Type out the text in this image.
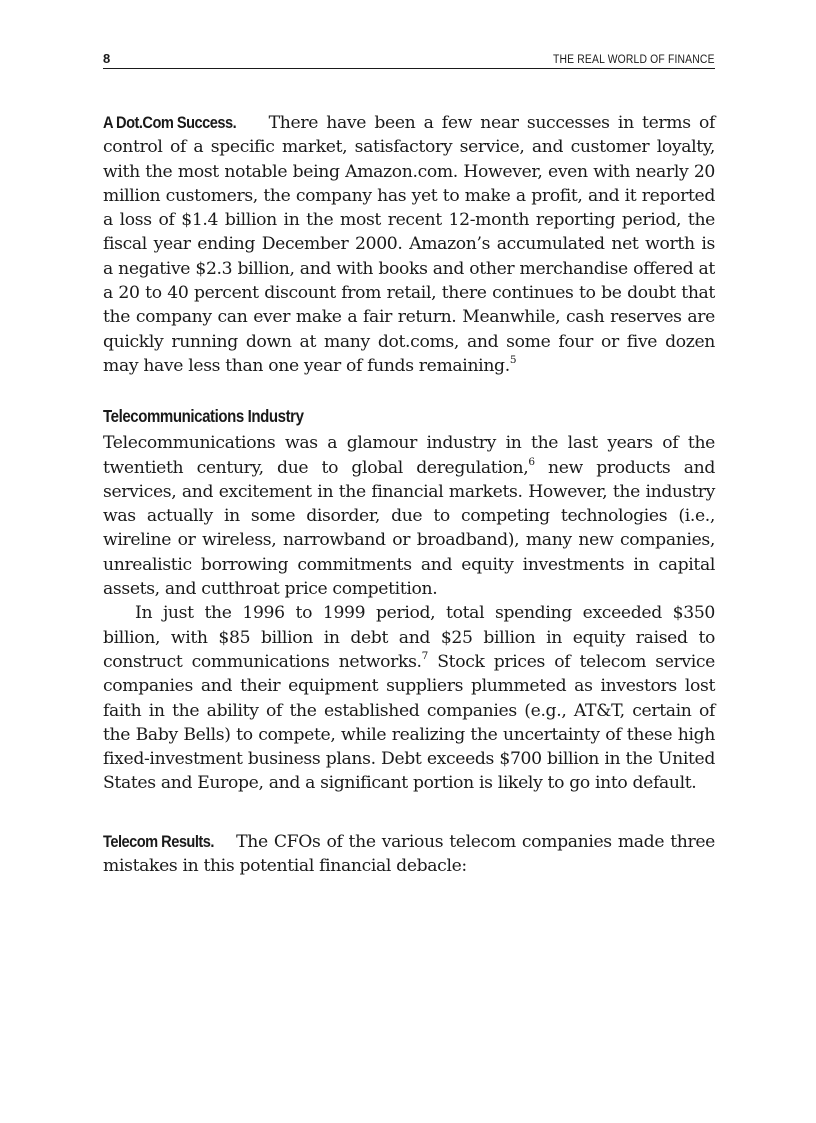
8	THE REAL WORLD OF FINANCE

A Dot.Com Success. There have been a few near successes in terms of control of a specific market, satisfactory service, and customer loyalty, with the most notable being Amazon.com. However, even with nearly 20 million customers, the company has yet to make a profit, and it reported a loss of $1.4 billion in the most recent 12-month reporting period, the fiscal year ending December 2000. Amazon’s accumulated net worth is a negative $2.3 billion, and with books and other merchandise offered at a 20 to 40 percent discount from retail, there continues to be doubt that the company can ever make a fair return. Meanwhile, cash reserves are quickly running down at many dot.coms, and some four or five dozen may have less than one year of funds remaining.$^5$

Telecommunications Industry

Telecommunications was a glamour industry in the last years of the twentieth century, due to global deregulation,$^6$ new products and services, and excitement in the financial markets. However, the industry was actually in some disorder, due to competing technologies (i.e., wireline or wireless, narrowband or broadband), many new companies, unrealistic borrowing commitments and equity investments in capital assets, and cutthroat price competition.

In just the 1996 to 1999 period, total spending exceeded $350 billion, with $85 billion in debt and $25 billion in equity raised to construct communications networks.$^7$ Stock prices of telecom service companies and their equipment suppliers plummeted as investors lost faith in the ability of the established companies (e.g., AT&T, certain of the Baby Bells) to compete, while realizing the uncertainty of these high fixed-investment business plans. Debt exceeds $700 billion in the United States and Europe, and a significant portion is likely to go into default.

Telecom Results. The CFOs of the various telecom companies made three mistakes in this potential financial debacle:
